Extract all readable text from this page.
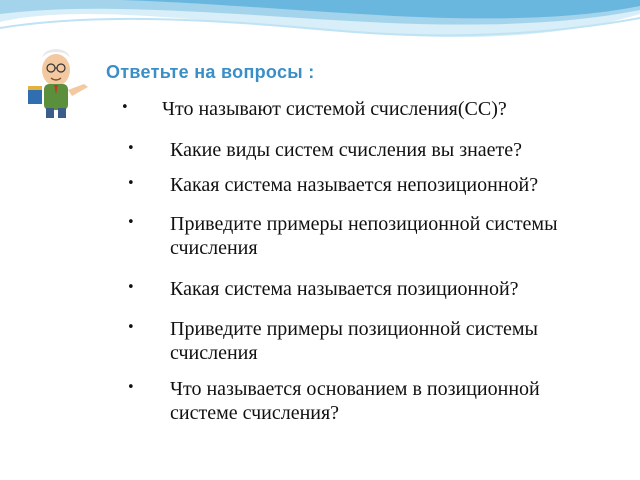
Ответьте на вопросы :
• Что называют системой счисления(СС)?
• Какие виды систем счисления вы знаете?
• Какая система называется непозиционной?
• Приведите примеры непозиционной системы счисления
• Какая система называется позиционной?
• Приведите примеры позиционной системы счисления
• Что называется основанием в позиционной системе счисления?
